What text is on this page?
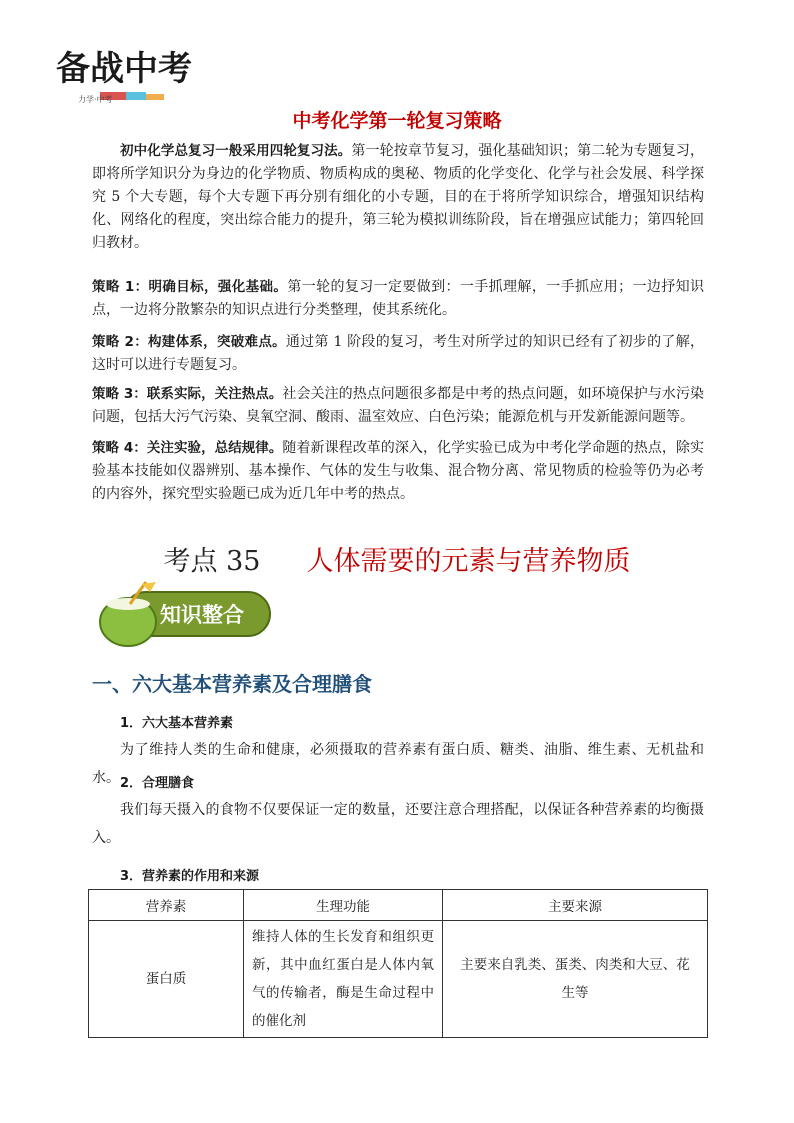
备战中考
力学·中考
中考化学第一轮复习策略
初中化学总复习一般采用四轮复习法。第一轮按章节复习，强化基础知识；第二轮为专题复习，即将所学知识分为身边的化学物质、物质构成的奥秘、物质的化学变化、化学与社会发展、科学探究 5 个大专题，每个大专题下再分别有细化的小专题，目的在于将所学知识综合，增强知识结构化、网络化的程度，突出综合能力的提升，第三轮为模拟训练阶段，旨在增强应试能力；第四轮回归教材。
策略 1：明确目标，强化基础。第一轮的复习一定要做到：一手抓理解，一手抓应用；一边抒知识点，一边将分散繁杂的知识点进行分类整理，使其系统化。
策略 2：构建体系，突破难点。通过第 1 阶段的复习，考生对所学过的知识已经有了初步的了解，这时可以进行专题复习。
策略 3：联系实际，关注热点。社会关注的热点问题很多都是中考的热点问题，如环境保护与水污染问题，包括大污气污染、臭氧空洞、酸雨、温室效应、白色污染；能源危机与开发新能源问题等。
策略 4：关注实验，总结规律。随着新课程改革的深入，化学实验已成为中考化学命题的热点，除实验基本技能如仪器辨别、基本操作、气体的发生与收集、混合物分离、常见物质的检验等仍为必考的内容外，探究型实验题已成为近几年中考的热点。
考点 35 人体需要的元素与营养物质
知识整合
一、六大基本营养素及合理膳食
1．六大基本营养素
为了维持人类的生命和健康，必须摄取的营养素有蛋白质、糖类、油脂、维生素、无机盐和水。 2．合理膳食
我们每天摄入的食物不仅要保证一定的数量，还要注意合理搭配，以保证各种营养素的均衡摄入。
3．营养素的作用和来源
营养素	生理功能	主要来源
蛋白质	维持人体的生长发育和组织更新，其中血红蛋白是人体内氧气的传输者，酶是生命过程中的催化剂	主要来自乳类、蛋类、肉类和大豆、花生等
